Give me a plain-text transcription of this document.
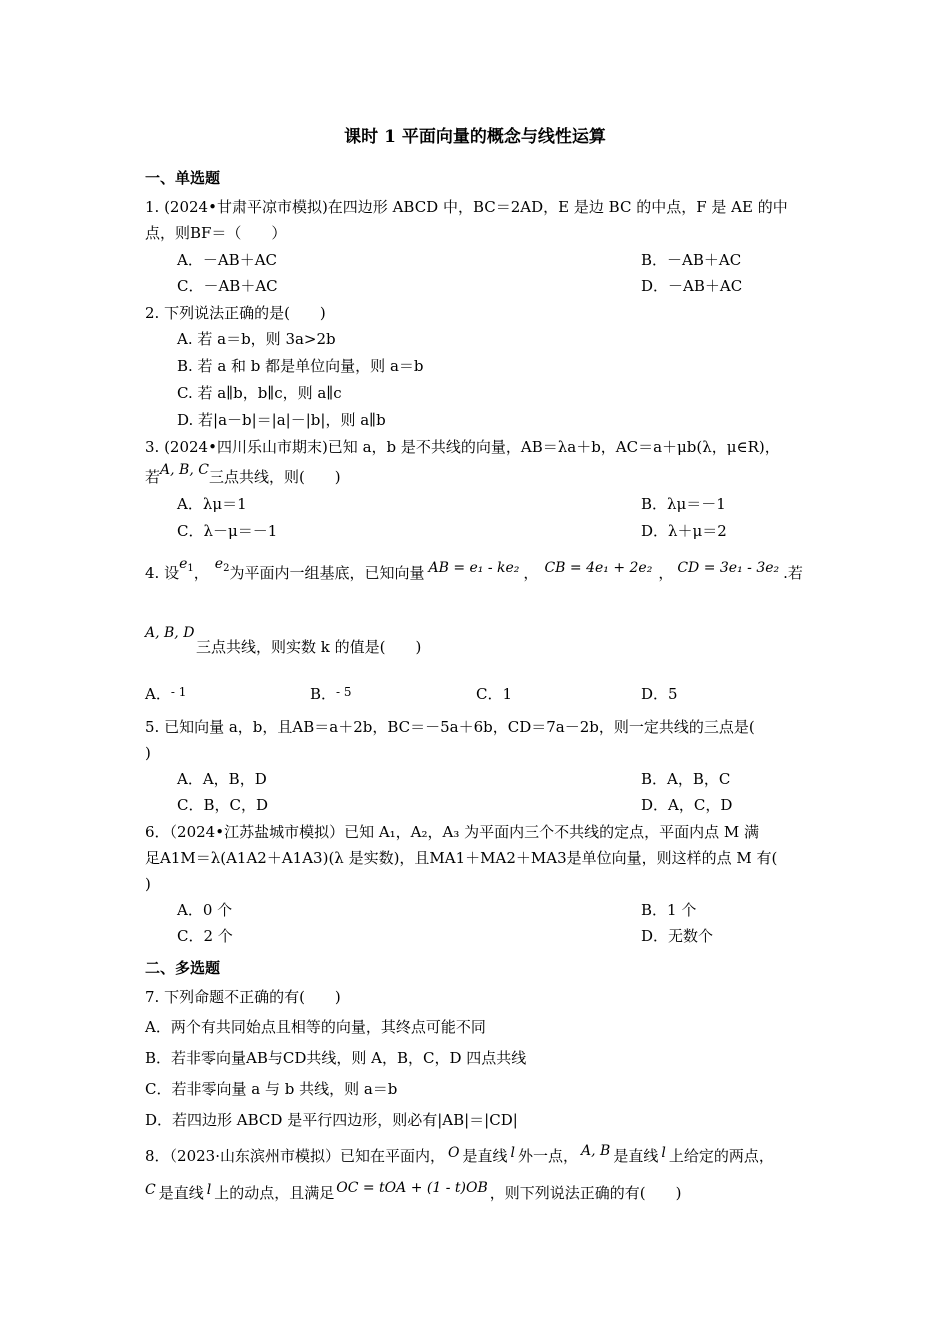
课时 1 平面向量的概念与线性运算
一、单选题
1. (2024•甘肃平凉市模拟)在四边形 ABCD 中，BC＝2AD，E 是边 BC 的中点，F 是 AE 的中
点，则BF＝（　　）
A．－AB＋AC	B．－AB＋AC
C．－AB＋AC	D．－AB＋AC
2. 下列说法正确的是(　　)
A. 若 a＝b，则 3a>2b
B. 若 a 和 b 都是单位向量，则 a＝b
C. 若 a∥b，b∥c，则 a∥c
D. 若|a－b|＝|a|－|b|，则 a∥b
3. (2024•四川乐山市期末)已知 a，b 是不共线的向量，AB＝λa＋b，AC＝a＋μb(λ，μ∈R)，
若A, B, C三点共线，则(　　)
A．λμ＝1	B．λμ＝－1
C．λ－μ＝－1	D．λ＋μ＝2
4. 设$e_1$， $e_2$为平面内一组基底，已知向量 AB = e₁ - ke₂ ， CB = 4e₁ + 2e₂ ， CD = 3e₁ - 3e₂ .若
A, B, D
三点共线，则实数 k 的值是(　　)
A．$^{- 1}$	B．$^{- 5}$	C．1	D．5
5. 已知向量 a，b，且AB＝a＋2b，BC＝－5a＋6b，CD＝7a－2b，则一定共线的三点是(
)
A．A，B，D	B．A，B，C
C．B，C，D	D．A，C，D
6．（2024•江苏盐城市模拟）已知 A₁，A₂，A₃ 为平面内三个不共线的定点，平面内点 M 满
足A1M＝λ(A1A2＋A1A3)(λ 是实数)，且MA1＋MA2＋MA3是单位向量，则这样的点 M 有(
)
A．0 个	B．1 个
C．2 个	D．无数个
二、多选题
7. 下列命题不正确的有(　　)
A．两个有共同始点且相等的向量，其终点可能不同
B．若非零向量AB与CD共线，则 A，B，C，D 四点共线
C．若非零向量 a 与 b 共线，则 a＝b
D．若四边形 ABCD 是平行四边形，则必有|AB|＝|CD|
8．（2023·山东滨州市模拟）已知在平面内， O 是直线 l 外一点， A, B 是直线 l 上给定的两点，
C 是直线 l 上的动点，且满足 OC = tOA + (1 - t)OB ，则下列说法正确的有(　　)
